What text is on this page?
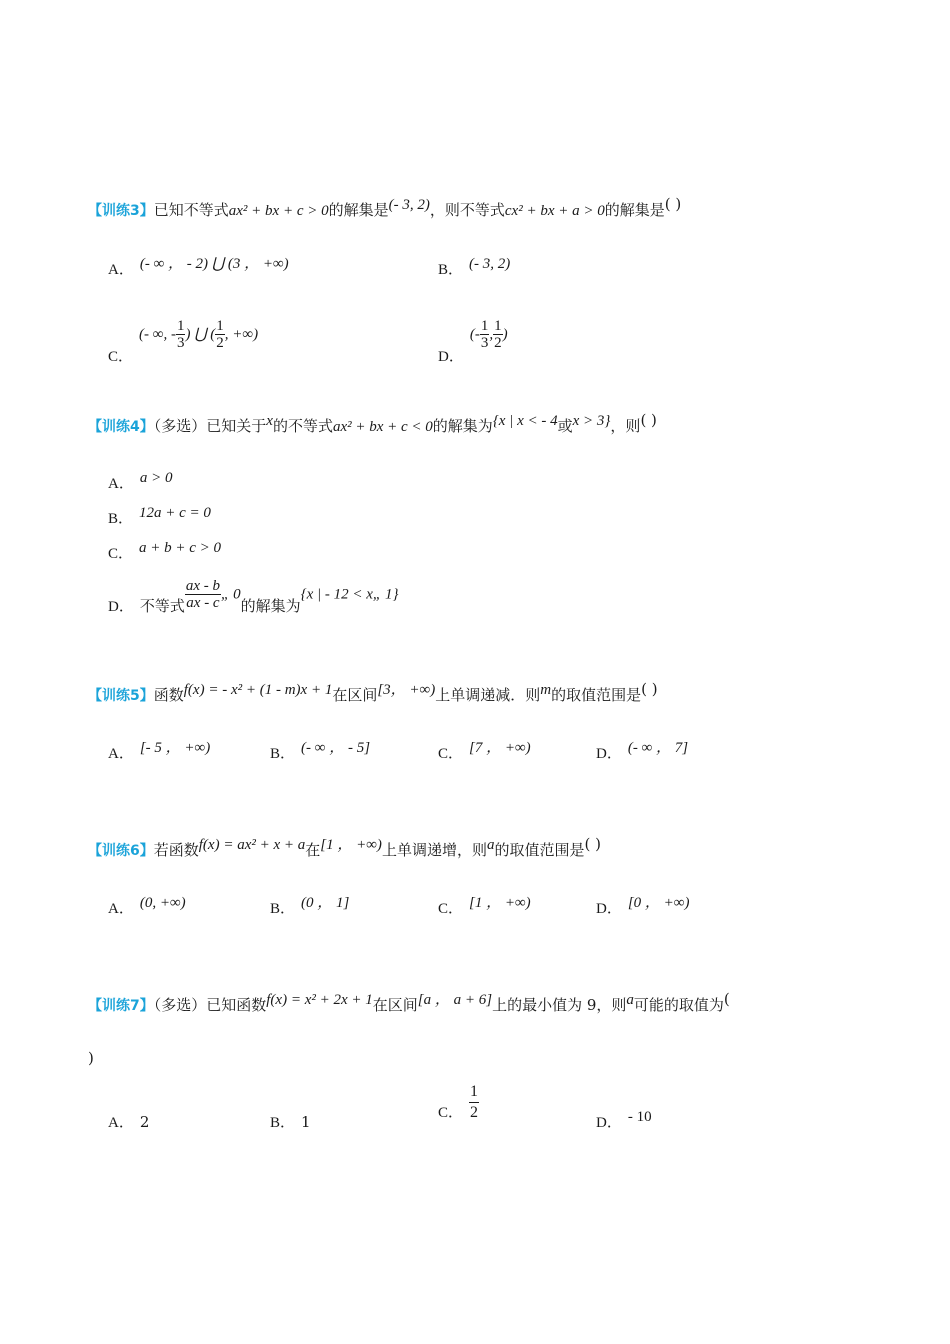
【训练3】已知不等式ax² + bx + c > 0的解集是(- 3, 2)，则不等式cx² + bx + a > 0的解集是( )
A． (- ∞ ， - 2) ⋃ (3 ， +∞)	B． (- 3, 2)
C．(- ∞, - $\frac{1}{3}$ ) ⋃ ( $\frac{1}{2}$ , +∞)
D．(- $\frac{1}{3}$ , $\frac{1}{2}$ )
【训练4】（多选）已知关于x的不等式ax² + bx + c < 0的解集为{x | x < - 4或x > 3}，则( )
A． a > 0
B． 12a + c = 0
C． a + b + c > 0
D． 不等式 $\frac{ax - b}{ax - c}$ „ 0的解集为{x | - 12 < x„ 1}
【训练5】函数f(x) = - x² + (1 - m)x + 1在区间[3， +∞)上单调递减．则m的取值范围是( )
A． [- 5 ， +∞)	B． (- ∞ ， - 5]	C． [7 ， +∞)	D． (- ∞ ， 7]
【训练6】若函数f(x) = ax² + x + a在[1 ， +∞)上单调递增，则a的取值范围是( )
A． (0, +∞)	B． (0 ， 1]	C． [1 ， +∞)	D． [0 ， +∞)
【训练7】（多选）已知函数f(x) = x² + 2x + 1在区间[a ， a + 6]上的最小值为 9，则a可能的取值为(
)
A． 2	B． 1
C． $\frac{1}{2}$	D． - 10
